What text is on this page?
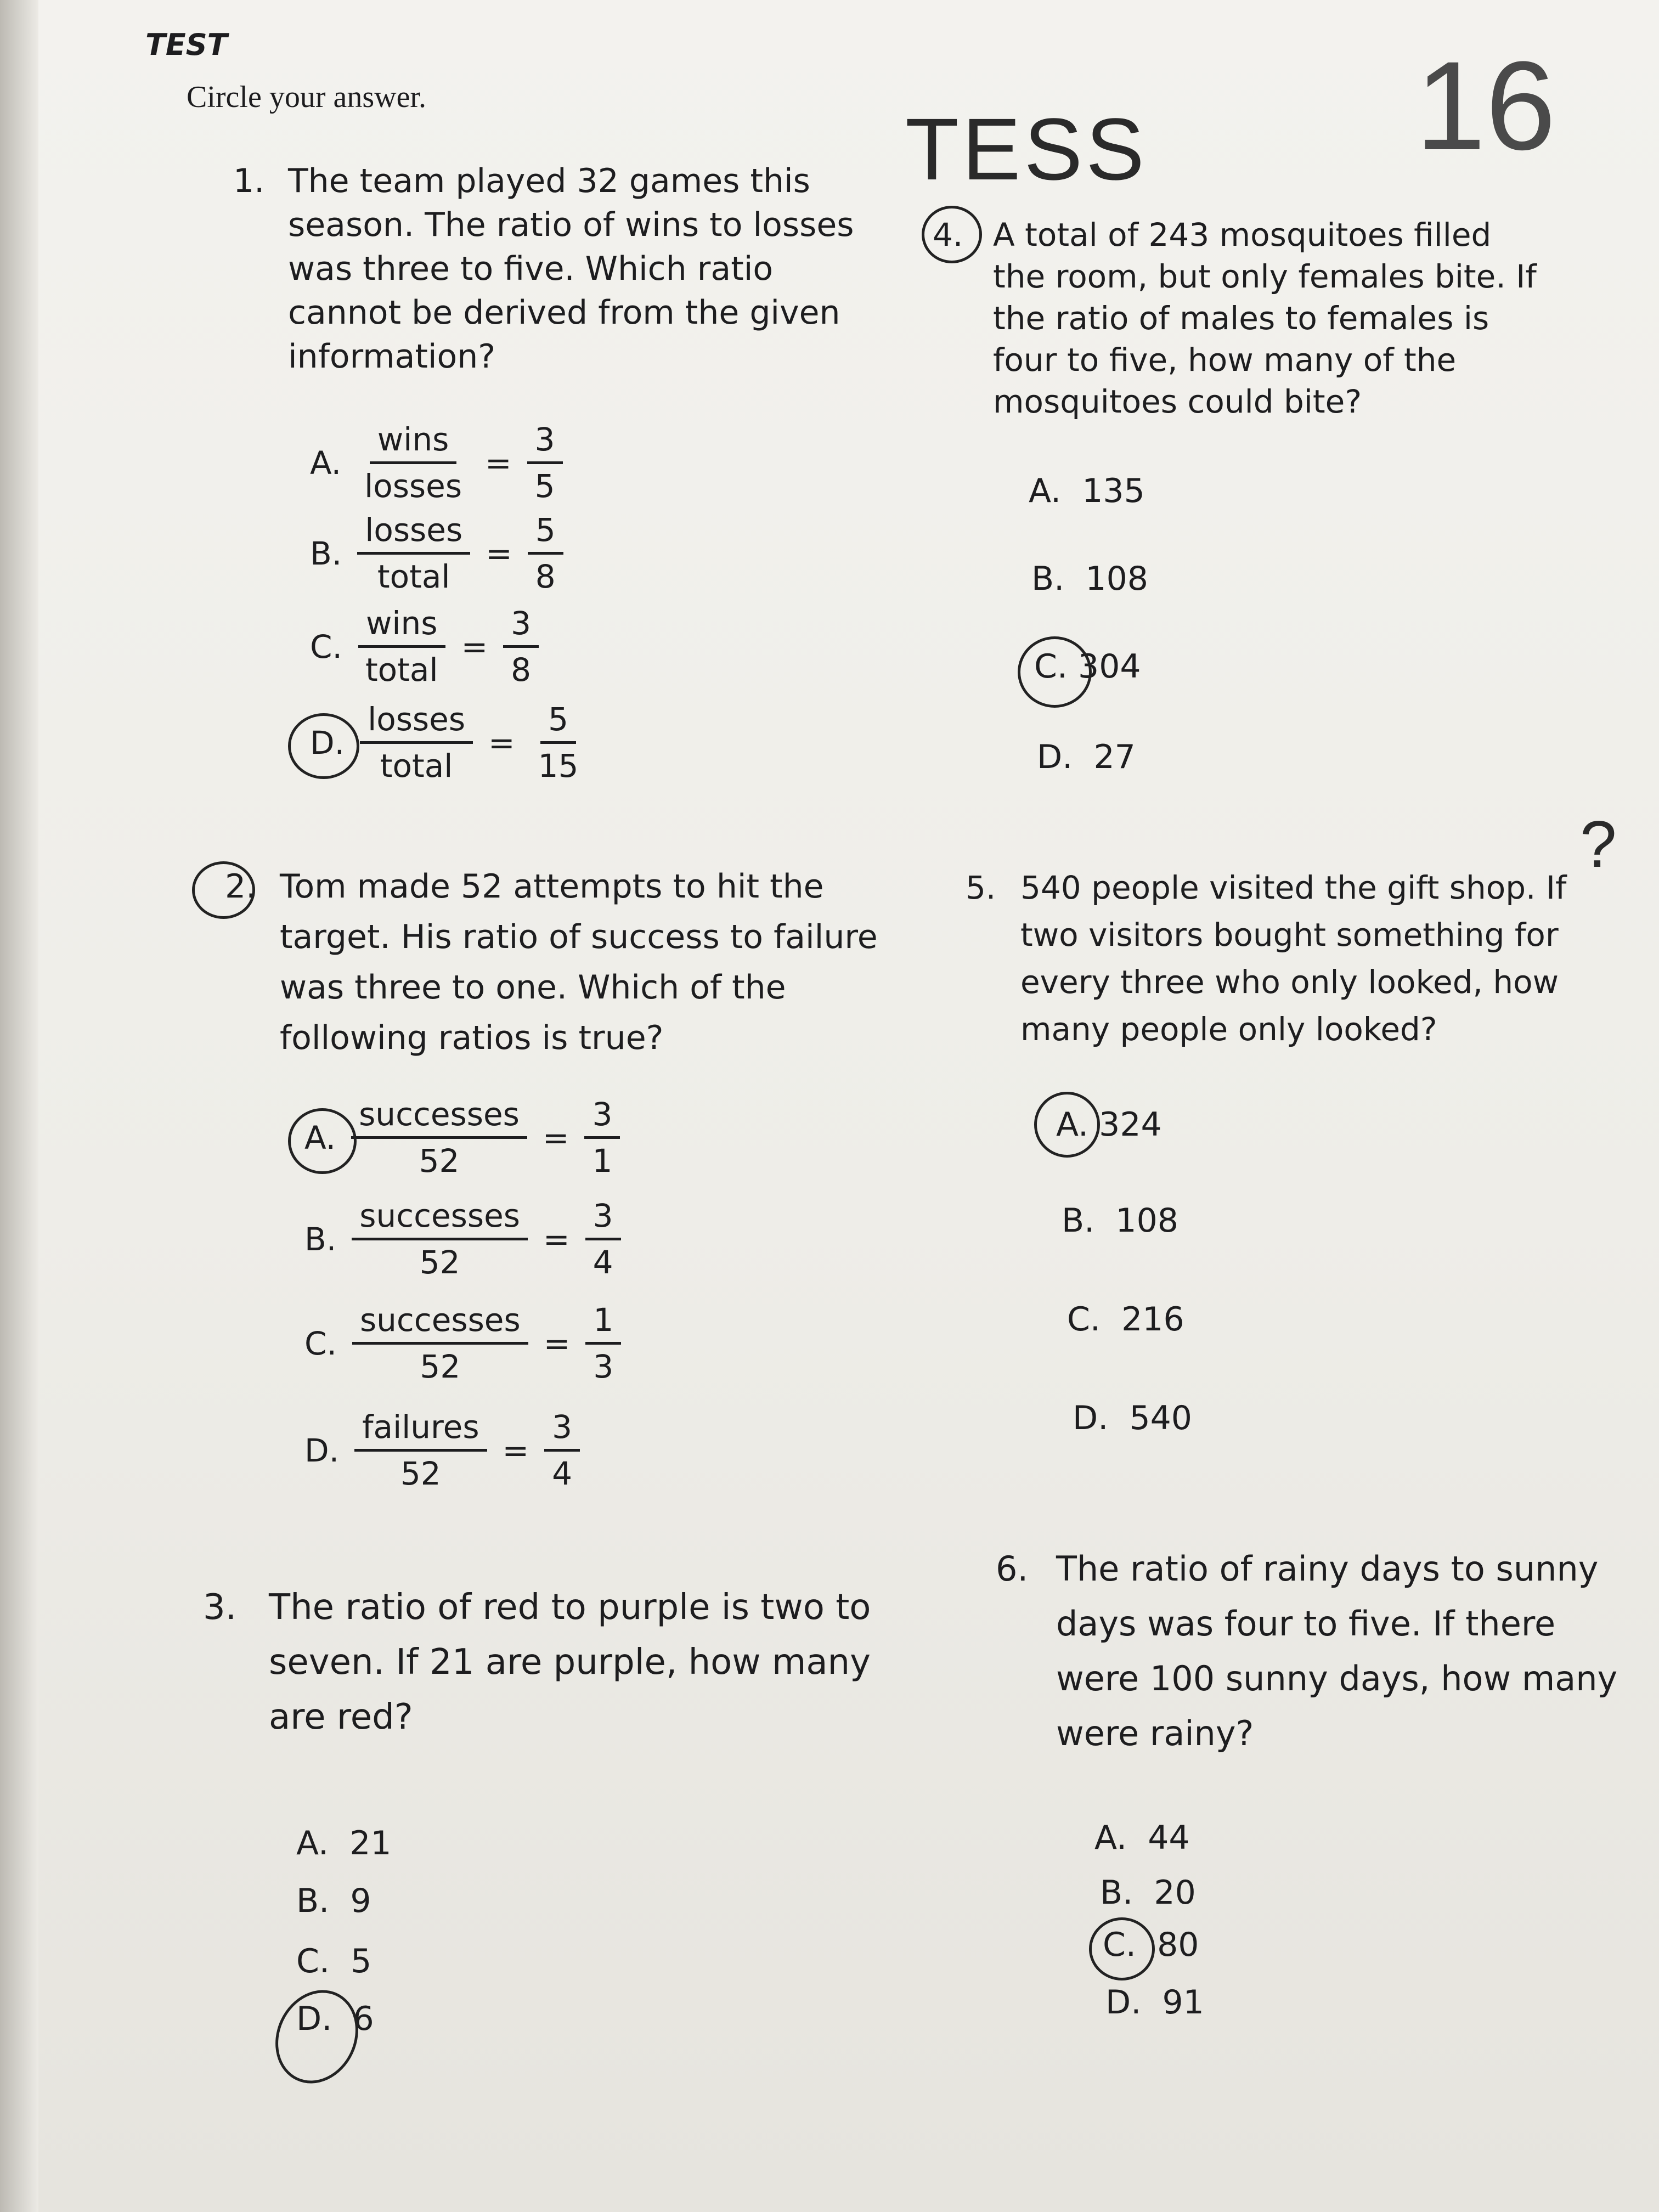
TEST
Circle your answer.	16
TESS
?
1. The team played 32 games this season. The ratio of wins to losses was three to five. Which ratio cannot be derived from the given information?
A.
wins
losses
= $\frac{3}{5}$
B.
losses
total
= $\frac{5}{8}$
C.
wins
total
= $\frac{3}{8}$
D.
losses
total
= $\frac{5}{15}$
2. Tom made 52 attempts to hit the target. His ratio of success to failure was three to one. Which of the following ratios is true?
A.
successes
52
= $\frac{3}{1}$
B.
successes
52
= $\frac{3}{4}$
C.
successes
52
= $\frac{1}{3}$
D.
failures
52
= $\frac{3}{4}$
3. The ratio of red to purple is two to seven. If 21 are purple, how many are red?
A. 21
B. 9
C. 5
D. 6
4. A total of 243 mosquitoes filled the room, but only females bite. If the ratio of males to females is four to five, how many of the mosquitoes could bite?
A. 135
B. 108
C. 304
D. 27
5. 540 people visited the gift shop. If two visitors bought something for every three who only looked, how many people only looked?
A. 324
B. 108
C. 216
D. 540
6. The ratio of rainy days to sunny days was four to five. If there were 100 sunny days, how many were rainy?
A. 44
B. 20
C. 80
D. 91
